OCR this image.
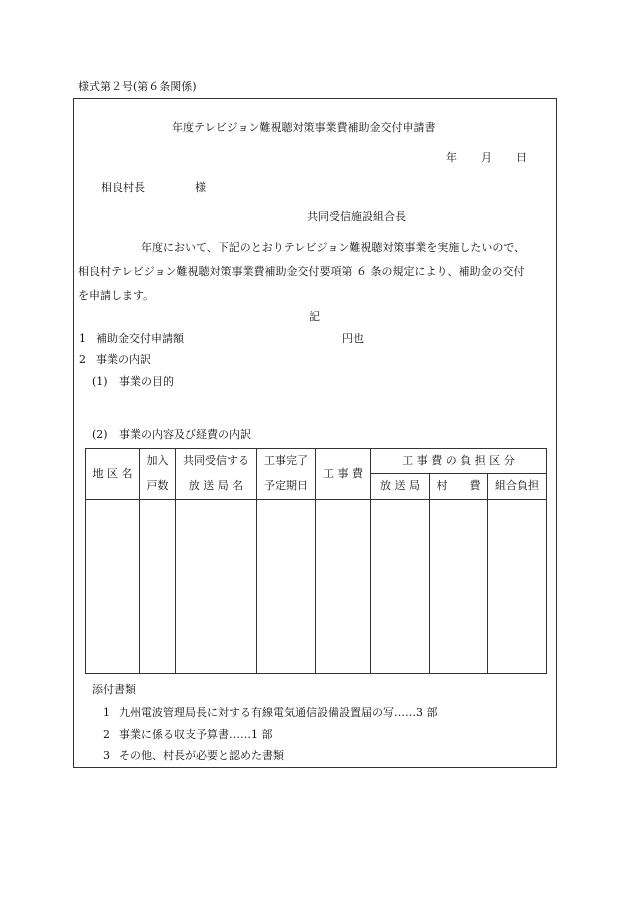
様式第２号(第６条関係)
年度テレビジョン難視聴対策事業費補助金交付申請書
年 月 日
相良村長	様
共同受信施設組合長
年度において、下記のとおりテレビジョン難視聴対策事業を実施したいので、
相良村テレビジョン難視聴対策事業費補助金交付要項第 ６ 条の規定により、補助金の交付
を申請します。
記
1 補助金交付申請額	円也
2 事業の内訳
(1) 事業の目的
(2) 事業の内容及び経費の内訳
地 区 名	加入	共同受信する	工事完了	工 事 費	工 事 費 の 負 担 区 分		
	戸数	放 送 局 名	予定期日		放 送 局	村　　費	組合負担

添付書類
1 九州電波管理局長に対する有線電気通信設備設置届の写……3 部
2 事業に係る収支予算書……1 部
3 その他、村長が必要と認めた書類
